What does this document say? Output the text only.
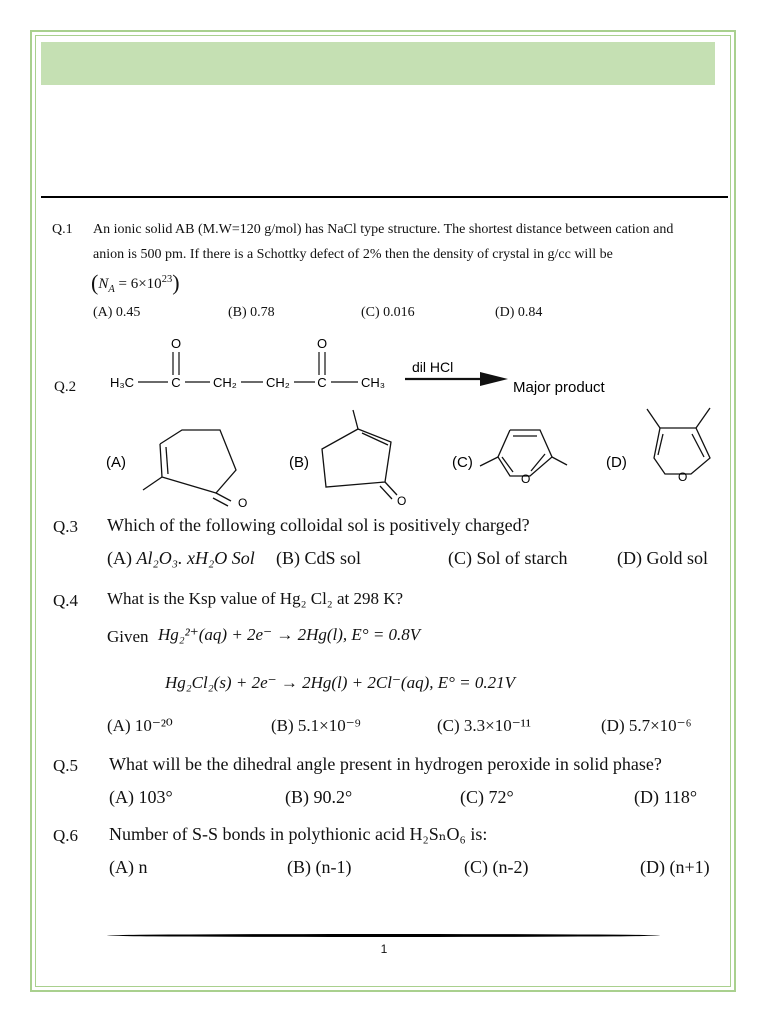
Q.1 An ionic solid AB (M.W=120 g/mol) has NaCl type structure. The shortest distance between cation and
anion is 500 pm. If there is a Schottky defect of 2% then the density of crystal in g/cc will be
$(N_A = 6\times 10^{23})$
(A) 0.45	(B) 0.78	(C) 0.016	(D) 0.84
Q.2
O	O
H₃C	C CH₂ CH₂ C	CH₃
dil HCl
Major product
(A)	(B)	(C)	(D)
O	O
O	O
Q.3 Which of the following colloidal sol is positively charged?
(A) Al₂O₃. xH₂O Sol (B) CdS sol	(C) Sol of starch	(D) Gold sol
Q.4 What is the Ksp value of Hg₂ Cl₂ at 298 K?
Given Hg₂²⁺(aq) + 2e⁻ → 2Hg(l), E° = 0.8V
Hg₂Cl₂(s) + 2e⁻ → 2Hg(l) + 2Cl⁻(aq), E° = 0.21V
(A) 10⁻²⁰	(B) 5.1×10⁻⁹	(C) 3.3×10⁻¹¹	(D) 5.7×10⁻⁶
Q.5 What will be the dihedral angle present in hydrogen peroxide in solid phase?
(A) 103°	(B) 90.2°	(C) 72°	(D) 118°
Q.6 Number of S-S bonds in polythionic acid H₂SₙO₆ is:
(A) n	(B) (n-1)	(C) (n-2)	(D) (n+1)
1
